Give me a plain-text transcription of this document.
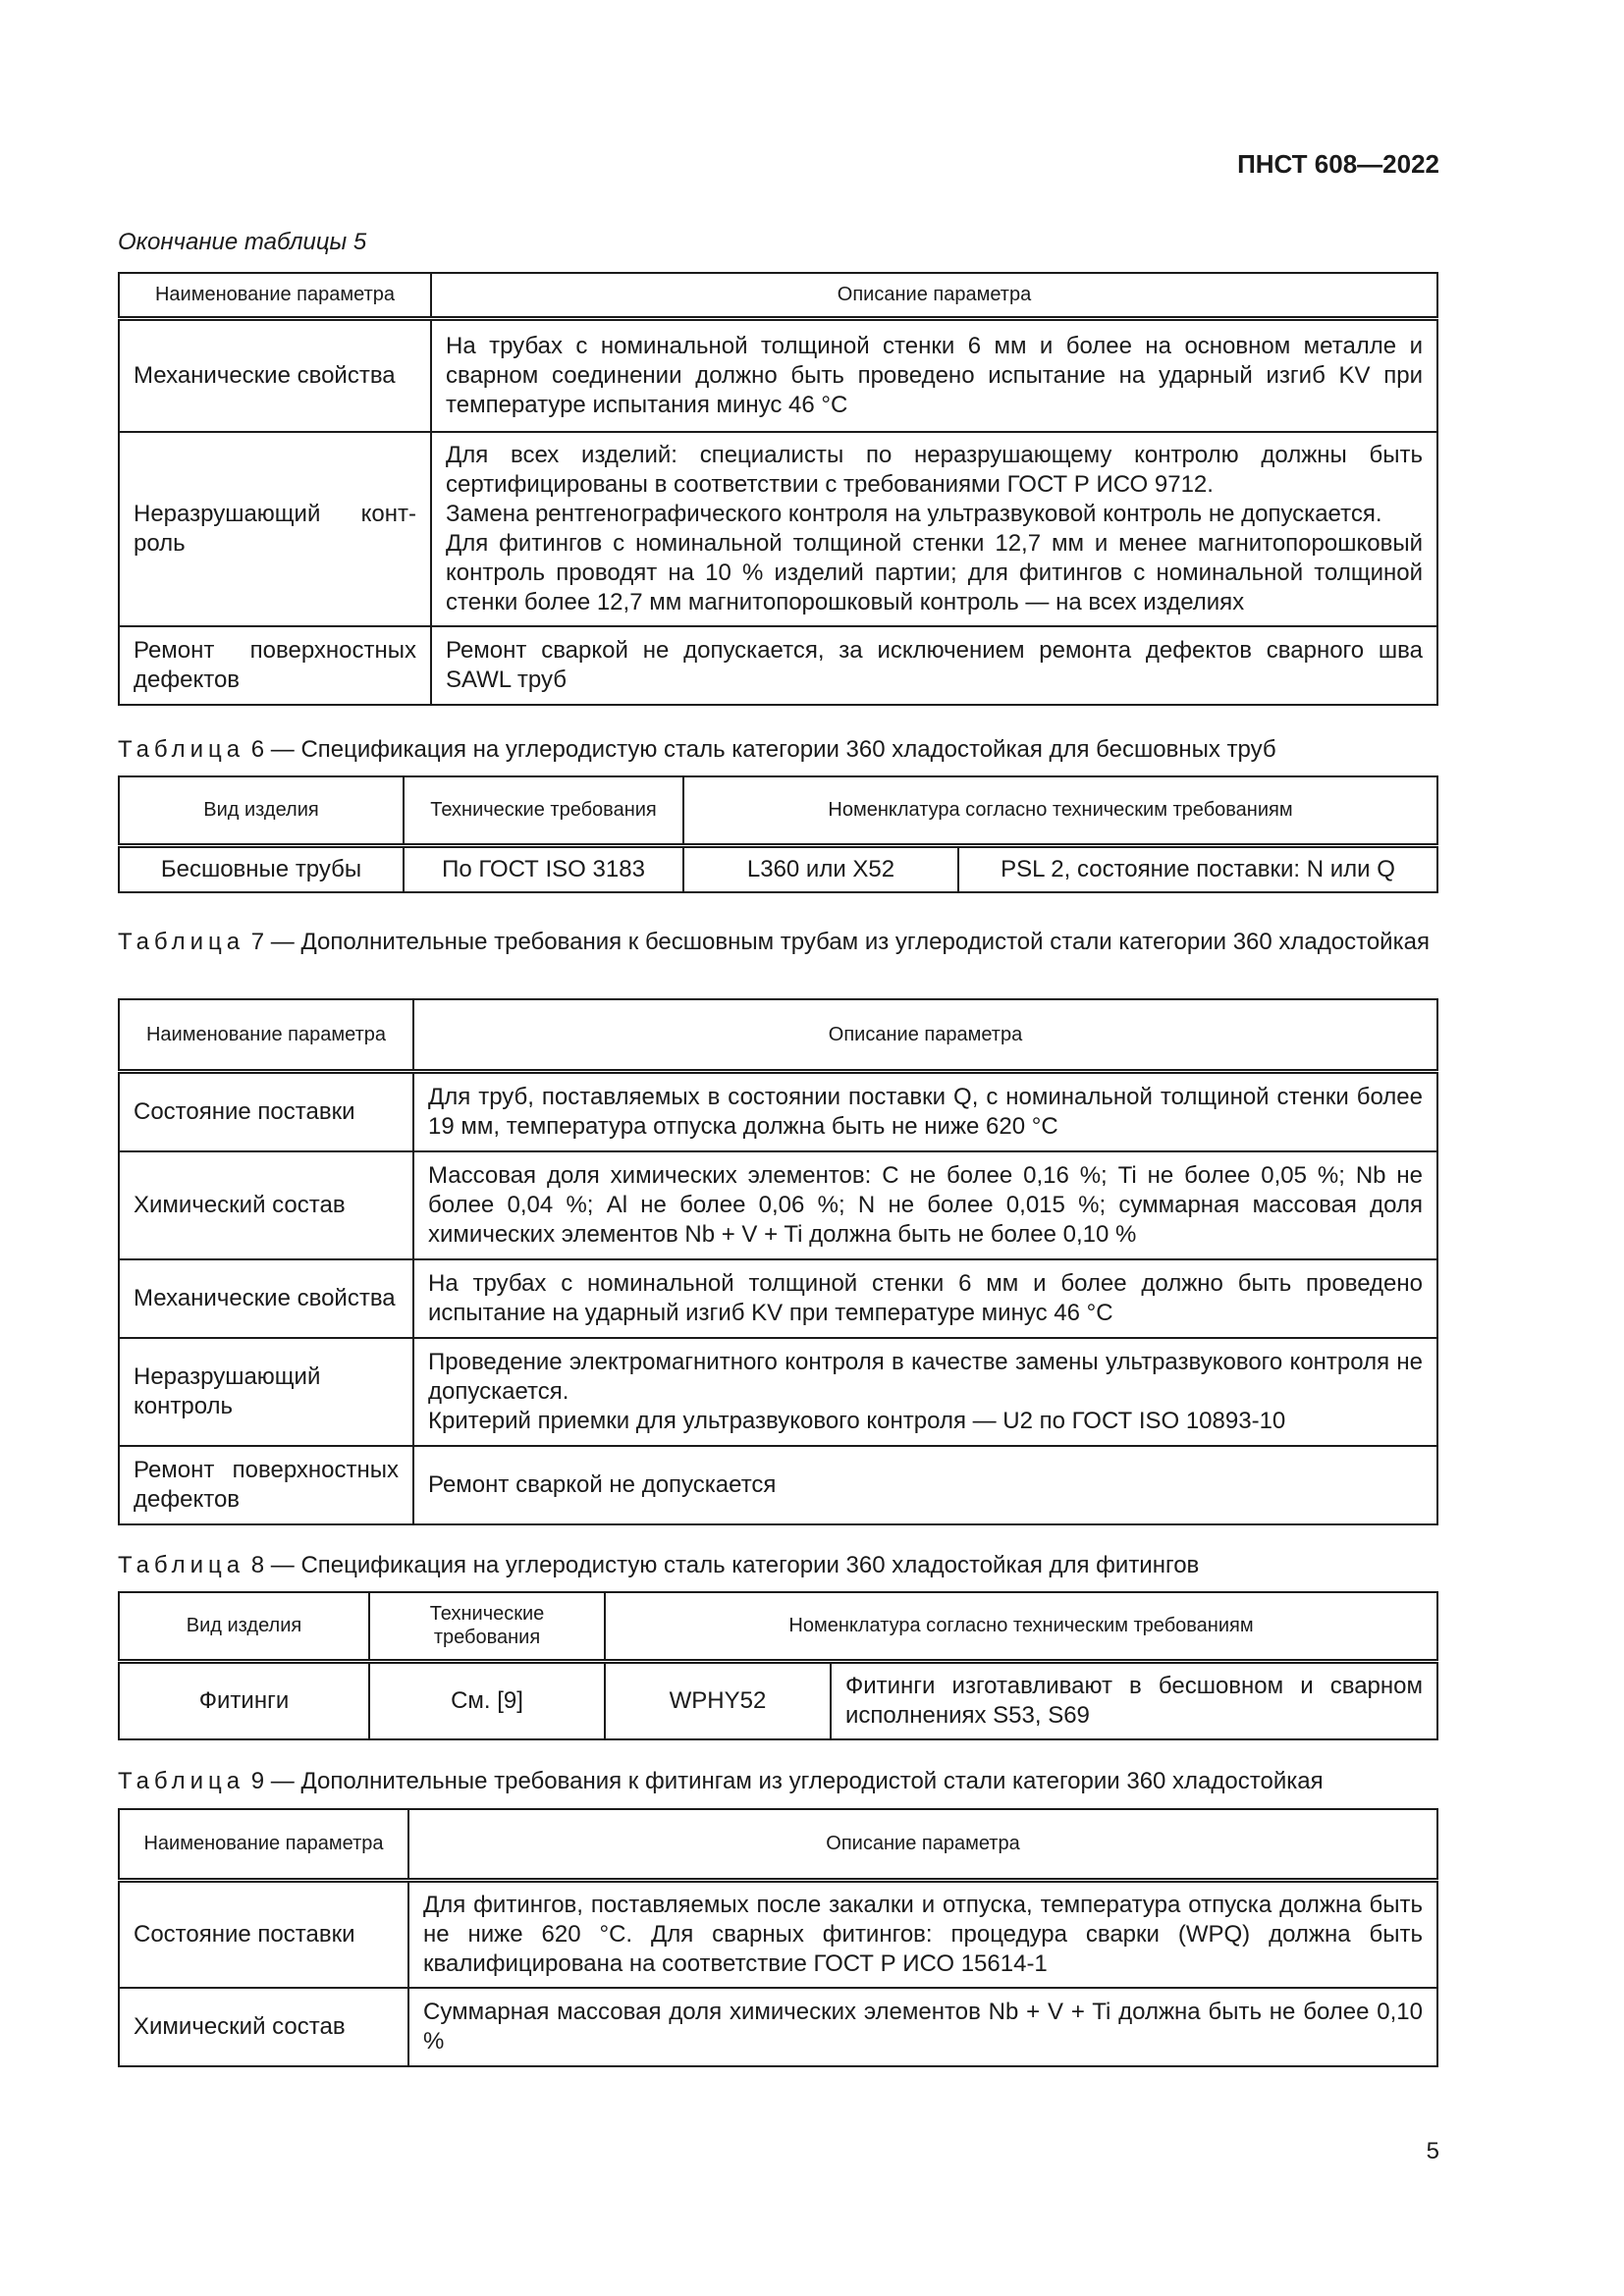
ПНСТ 608—2022
Окончание таблицы 5
Наименование параметра	Описание параметра
Механические свойства	На трубах с номинальной толщиной стенки 6 мм и более на основном металле и сварном соединении должно быть проведено испытание на ударный изгиб KV при температуре испытания минус 46 °С
Неразрушающий контроль	Для всех изделий: специалисты по неразрушающему контролю должны быть сертифицированы в соответствии с требованиями ГОСТ Р ИСО 9712.
Замена рентгенографического контроля на ультразвуковой контроль не допускается.
Для фитингов с номинальной толщиной стенки 12,7 мм и менее магнитопорошковый контроль проводят на 10 % изделий партии; для фитингов с номинальной толщиной стенки более 12,7 мм магнитопорошковый контроль — на всех изделиях

Ремонт поверхностных дефектов	Ремонт сваркой не допускается, за исключением ремонта дефектов сварного шва SAWL труб
Таблица 6 — Спецификация на углеродистую сталь категории 360 хладостойкая для бесшовных труб
Вид изделия	Технические требования	Номенклатура согласно техническим требованиям	
Бесшовные трубы	По ГОСТ ISO 3183	L360 или X52	PSL 2, состояние поставки: N или Q
Таблица 7 — Дополнительные требования к бесшовным трубам из углеродистой стали категории 360 хладостойкая
Наименование параметра	Описание параметра
Состояние поставки	Для труб, поставляемых в состоянии поставки Q, с номинальной толщиной стенки более 19 мм, температура отпуска должна быть не ниже 620 °С
Химический состав	Массовая доля химических элементов: С не более 0,16 %; Ti не более 0,05 %; Nb не более 0,04 %; Al не более 0,06 %; N не более 0,015 %; суммарная массовая доля химических элементов Nb + V + Ti должна быть не более 0,10 %
Механические свойства	На трубах с номинальной толщиной стенки 6 мм и более должно быть проведено испытание на ударный изгиб KV при температуре минус 46 °С
Неразрушающий контроль	Проведение электромагнитного контроля в качестве замены ультразвукового контроля не допускается.
Критерий приемки для ультразвукового контроля — U2 по ГОСТ ISO 10893-10

Ремонт поверхностных дефектов	Ремонт сваркой не допускается
Таблица 8 — Спецификация на углеродистую сталь категории 360 хладостойкая для фитингов
Вид изделия	Технические требования	Номенклатура согласно техническим требованиям	
Фитинги	См. [9]	WPHY52	Фитинги изготавливают в бесшовном и сварном исполнениях S53, S69
Таблица 9 — Дополнительные требования к фитингам из углеродистой стали категории 360 хладостойкая
Наименование параметра	Описание параметра
Состояние поставки	Для фитингов, поставляемых после закалки и отпуска, температура отпуска должна быть не ниже 620 °С. Для сварных фитингов: процедура сварки (WPQ) должна быть квалифицирована на соответствие ГОСТ Р ИСО 15614-1
Химический состав	Суммарная массовая доля химических элементов Nb + V + Ti должна быть не более 0,10 %
5
